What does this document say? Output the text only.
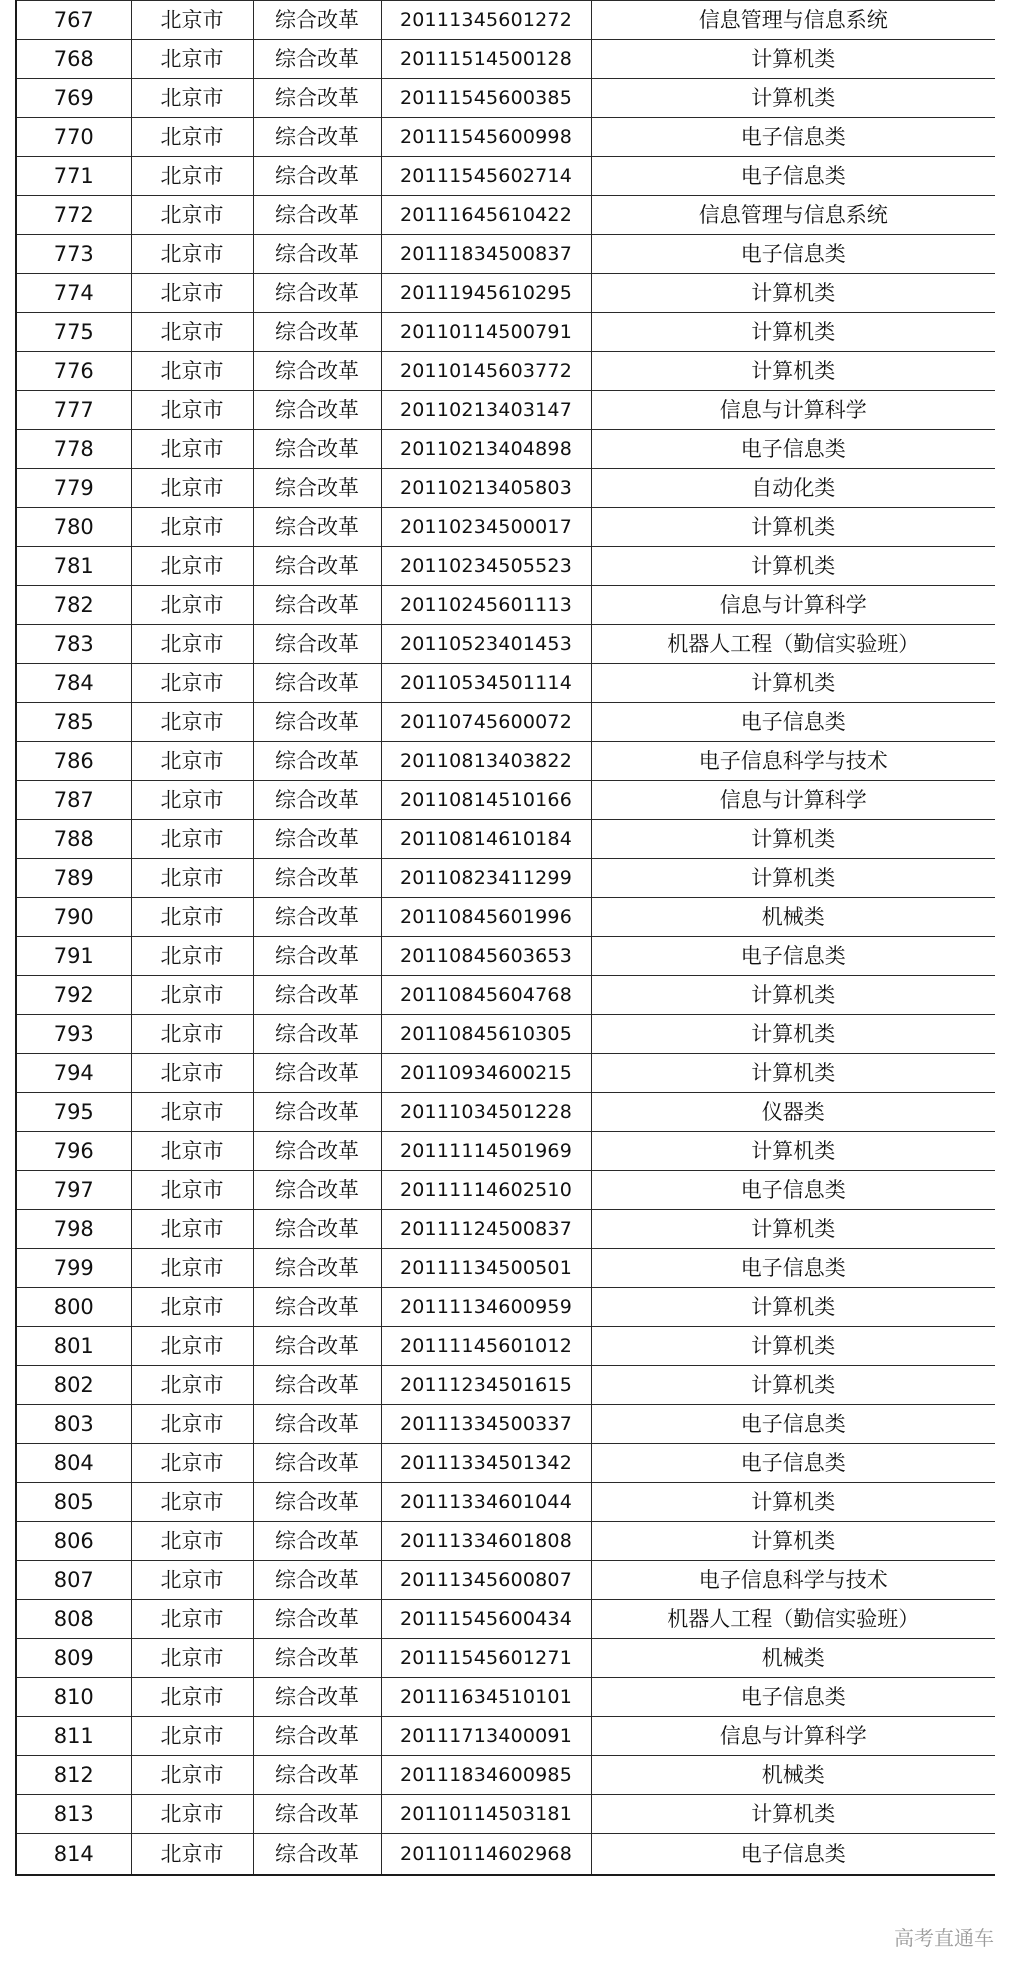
767	北京市	综合改革	20111345601272	信息管理与信息系统
768	北京市	综合改革	20111514500128	计算机类
769	北京市	综合改革	20111545600385	计算机类
770	北京市	综合改革	20111545600998	电子信息类
771	北京市	综合改革	20111545602714	电子信息类
772	北京市	综合改革	20111645610422	信息管理与信息系统
773	北京市	综合改革	20111834500837	电子信息类
774	北京市	综合改革	20111945610295	计算机类
775	北京市	综合改革	20110114500791	计算机类
776	北京市	综合改革	20110145603772	计算机类
777	北京市	综合改革	20110213403147	信息与计算科学
778	北京市	综合改革	20110213404898	电子信息类
779	北京市	综合改革	20110213405803	自动化类
780	北京市	综合改革	20110234500017	计算机类
781	北京市	综合改革	20110234505523	计算机类
782	北京市	综合改革	20110245601113	信息与计算科学
783	北京市	综合改革	20110523401453	机器人工程（勤信实验班）
784	北京市	综合改革	20110534501114	计算机类
785	北京市	综合改革	20110745600072	电子信息类
786	北京市	综合改革	20110813403822	电子信息科学与技术
787	北京市	综合改革	20110814510166	信息与计算科学
788	北京市	综合改革	20110814610184	计算机类
789	北京市	综合改革	20110823411299	计算机类
790	北京市	综合改革	20110845601996	机械类
791	北京市	综合改革	20110845603653	电子信息类
792	北京市	综合改革	20110845604768	计算机类
793	北京市	综合改革	20110845610305	计算机类
794	北京市	综合改革	20110934600215	计算机类
795	北京市	综合改革	20111034501228	仪器类
796	北京市	综合改革	20111114501969	计算机类
797	北京市	综合改革	20111114602510	电子信息类
798	北京市	综合改革	20111124500837	计算机类
799	北京市	综合改革	20111134500501	电子信息类
800	北京市	综合改革	20111134600959	计算机类
801	北京市	综合改革	20111145601012	计算机类
802	北京市	综合改革	20111234501615	计算机类
803	北京市	综合改革	20111334500337	电子信息类
804	北京市	综合改革	20111334501342	电子信息类
805	北京市	综合改革	20111334601044	计算机类
806	北京市	综合改革	20111334601808	计算机类
807	北京市	综合改革	20111345600807	电子信息科学与技术
808	北京市	综合改革	20111545600434	机器人工程（勤信实验班）
809	北京市	综合改革	20111545601271	机械类
810	北京市	综合改革	20111634510101	电子信息类
811	北京市	综合改革	20111713400091	信息与计算科学
812	北京市	综合改革	20111834600985	机械类
813	北京市	综合改革	20110114503181	计算机类
814	北京市	综合改革	20110114602968	电子信息类
高考直通车
